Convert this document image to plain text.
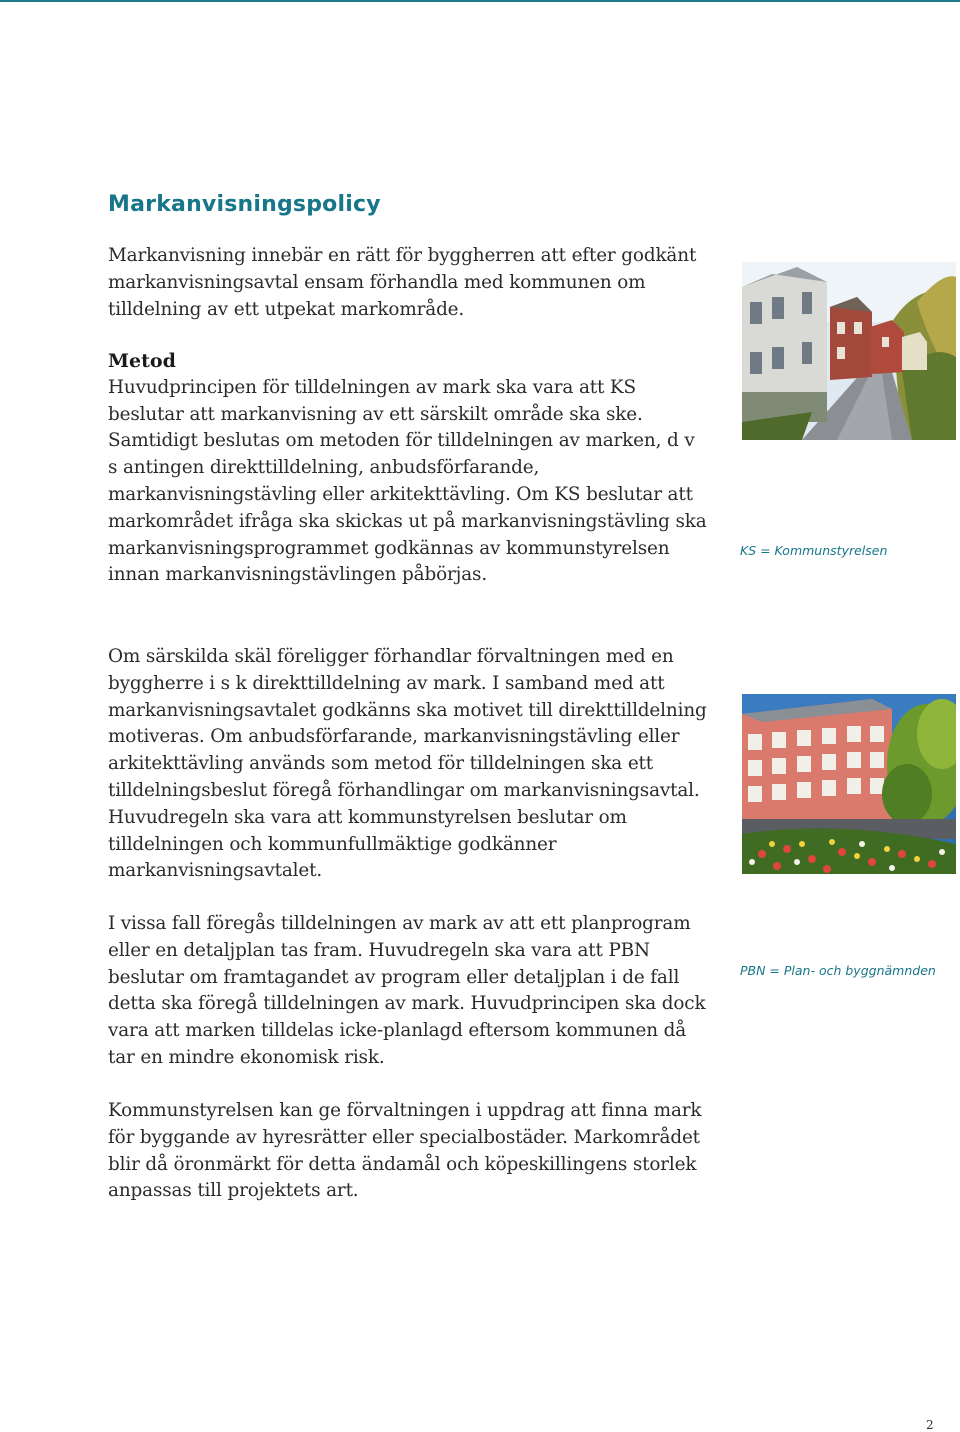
Markanvisningspolicy

Markanvisning innebär en rätt för byggherren att efter godkänt markanvisningsavtal ensam förhandla med kommunen om tilldelning av ett utpekat markområde.

Metod

Huvudprincipen för tilldelningen av mark ska vara att KS beslutar att markanvisning av ett särskilt område ska ske. Samtidigt beslutas om metoden för tilldelningen av marken, d v s antingen direkttilldelning, anbudsförfarande, markanvisningstävling eller arkitekttävling. Om KS beslutar att markområdet ifråga ska skickas ut på markanvisningstävling ska markanvisningsprogrammet godkännas av kommunstyrelsen innan markanvisningstävlingen påbörjas.

Om särskilda skäl föreligger förhandlar förvaltningen med en byggherre i s k direkttilldelning av mark. I samband med att markanvisningsavtalet godkänns ska motivet till direkttilldelning motiveras. Om anbudsförfarande, markanvisningstävling eller arkitekttävling används som metod för tilldelningen ska ett tilldelningsbeslut föregå förhandlingar om markanvisningsavtal. Huvudregeln ska vara att kommunstyrelsen beslutar om tilldelningen och kommunfullmäktige godkänner markanvisningsavtalet.

I vissa fall föregås tilldelningen av mark av att ett planprogram eller en detaljplan tas fram. Huvudregeln ska vara att PBN beslutar om framtagandet av program eller detaljplan i de fall detta ska föregå tilldelningen av mark. Huvudprincipen ska dock vara att marken tilldelas icke-planlagd eftersom kommunen då tar en mindre ekonomisk risk.

Kommunstyrelsen kan ge förvaltningen i uppdrag att finna mark för byggande av hyresrätter eller specialbostäder. Markområdet blir då öronmärkt för detta ändamål och köpeskillingens storlek anpassas till projektets art.

KS = Kommunstyrelsen
PBN = Plan- och byggnämnden
2
